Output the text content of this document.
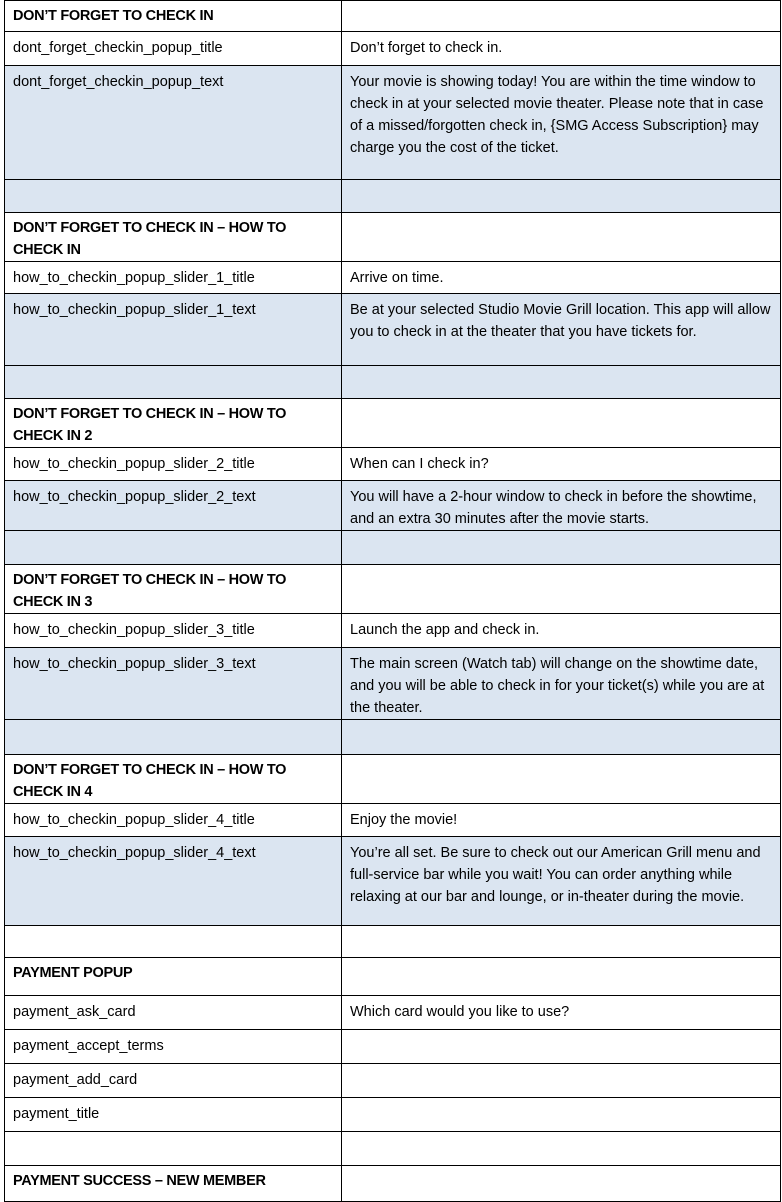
DON’T FORGET TO CHECK IN	

dont_forget_checkin_popup_title	Don’t forget to check in.

dont_forget_checkin_popup_text	Your movie is showing today! You are within the time window to check in at your selected movie theater. Please note that in case of a missed/forgotten check in, {SMG Access Subscription} may charge you the cost of the ticket.

DON’T FORGET TO CHECK IN – HOW TO CHECK IN	

how_to_checkin_popup_slider_1_title	Arrive on time.

how_to_checkin_popup_slider_1_text	Be at your selected Studio Movie Grill location. This app will allow you to check in at the theater that you have tickets for.

DON’T FORGET TO CHECK IN – HOW TO CHECK IN 2	

how_to_checkin_popup_slider_2_title	When can I check in?

how_to_checkin_popup_slider_2_text	You will have a 2-hour window to check in before the showtime, and an extra 30 minutes after the movie starts.

DON’T FORGET TO CHECK IN – HOW TO CHECK IN 3	

how_to_checkin_popup_slider_3_title	Launch the app and check in.

how_to_checkin_popup_slider_3_text	The main screen (Watch tab) will change on the showtime date, and you will be able to check in for your ticket(s) while you are at the theater.

DON’T FORGET TO CHECK IN – HOW TO CHECK IN 4	

how_to_checkin_popup_slider_4_title	Enjoy the movie!

how_to_checkin_popup_slider_4_text	You’re all set. Be sure to check out our American Grill menu and full-service bar while you wait! You can order anything while relaxing at our bar and lounge, or in-theater during the movie.

PAYMENT POPUP	

payment_ask_card	Which card would you like to use?

payment_accept_terms	

payment_add_card	

payment_title	

PAYMENT SUCCESS – NEW MEMBER	
